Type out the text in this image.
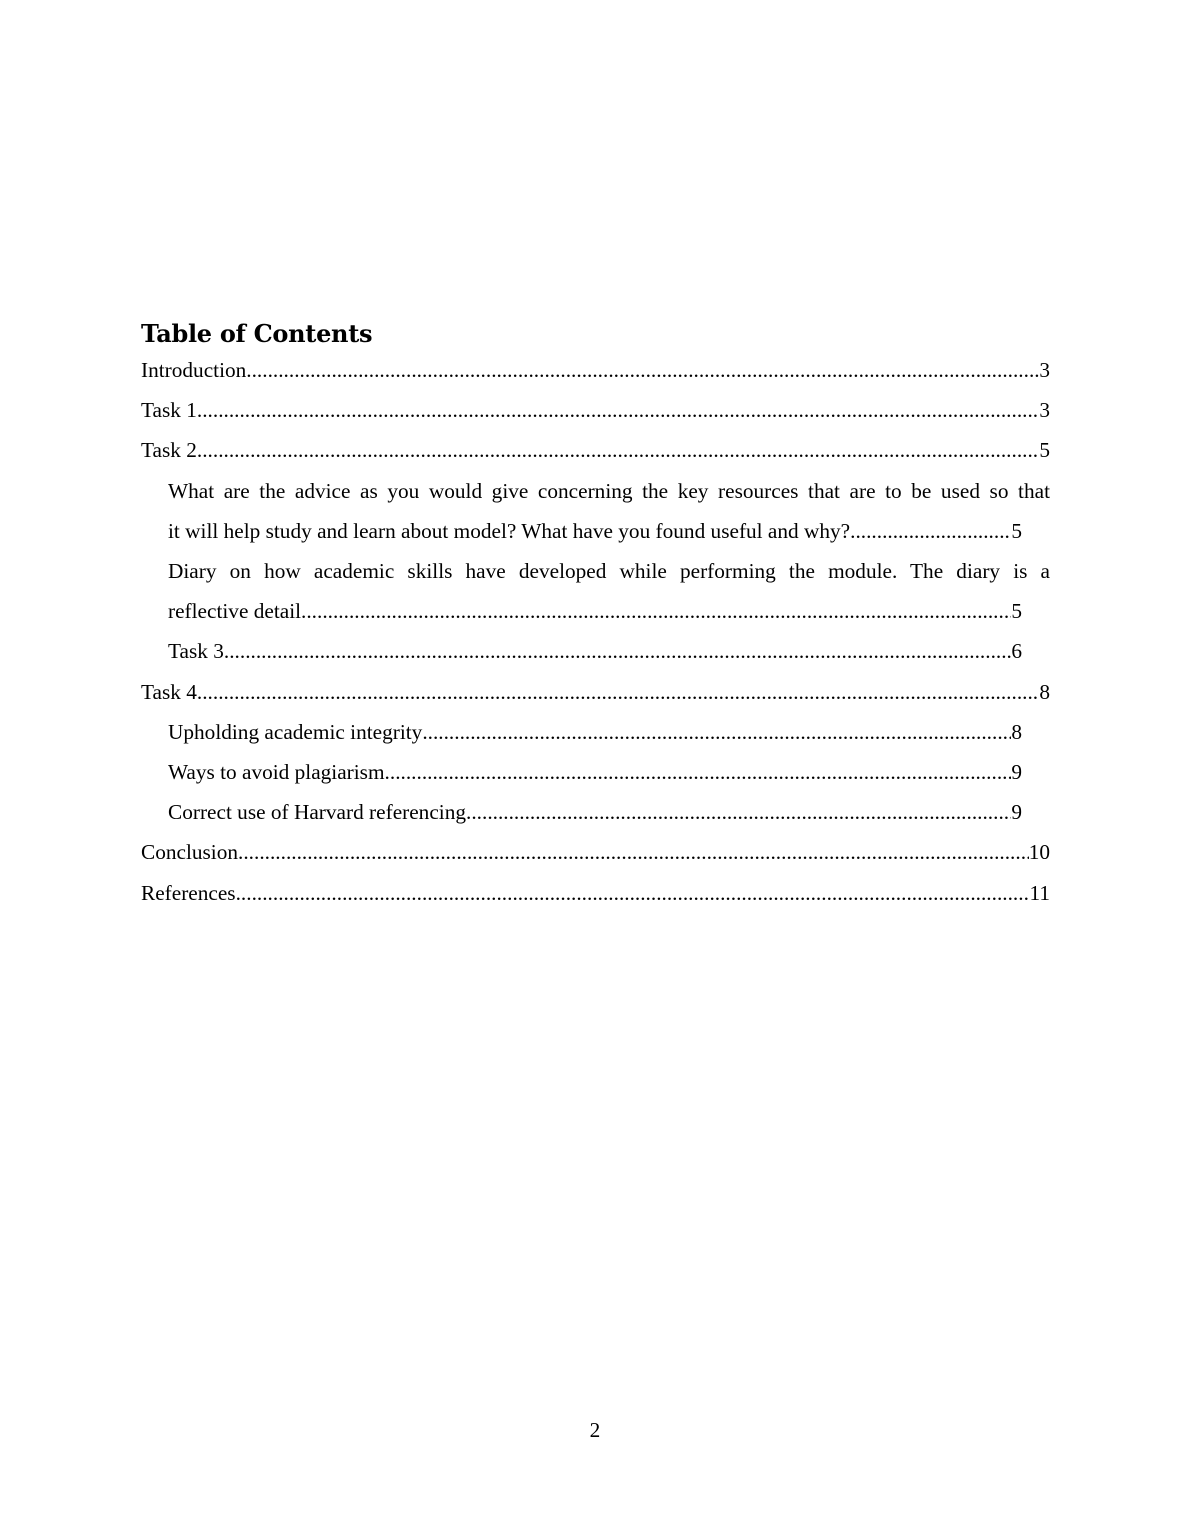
Table of Contents
Introduction .....	3
Task 1 .....	3
Task 2 .....	5
What are the advice as you would give concerning the key resources that are to be used so that
it will help study and learn about model? What have you found useful and why? .....	5
Diary on how academic skills have developed while performing the module. The diary is a
reflective detail .....	5
Task 3 .....	6
Task 4 .....	8
Upholding academic integrity .....	8
Ways to avoid plagiarism .....	9
Correct use of Harvard referencing .....	9
Conclusion .....	10
References .....	11
2
